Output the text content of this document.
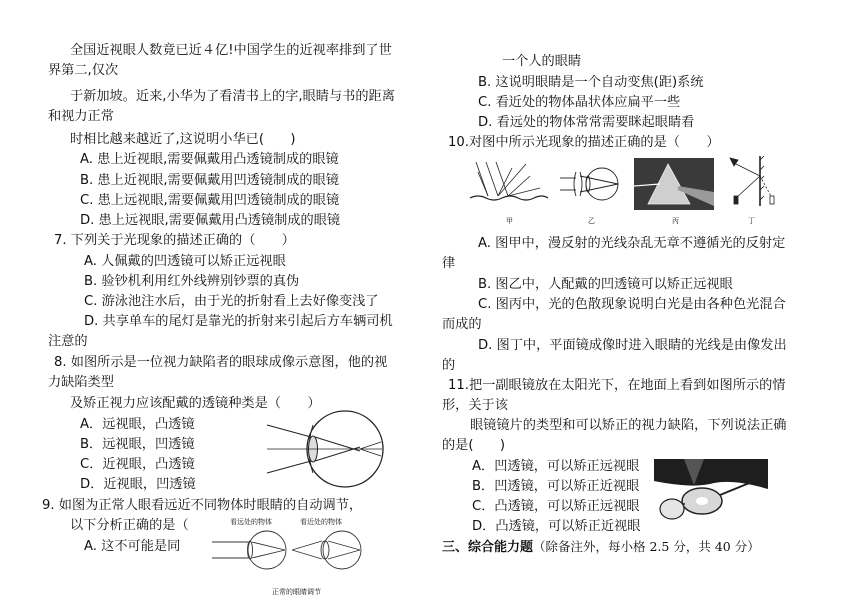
全国近视眼人数竟已近４亿!中国学生的近视率排到了世
界第二,仅次
于新加坡。近来,小华为了看清书上的字,眼睛与书的距离
和视力正常
时相比越来越近了,这说明小华已(　　)
A. 患上近视眼,需要佩戴用凸透镜制成的眼镜
B. 患上近视眼,需要佩戴用凹透镜制成的眼镜
C. 患上远视眼,需要佩戴用凹透镜制成的眼镜
D. 患上远视眼,需要佩戴用凸透镜制成的眼镜
7. 下列关于光现象的描述正确的（　　）
A. 人佩戴的凹透镜可以矫正远视眼
B. 验钞机利用红外线辨别钞票的真伪
C. 游泳池注水后，由于光的折射看上去好像变浅了
D. 共享单车的尾灯是靠光的折射来引起后方车辆司机
注意的
8. 如图所示是一位视力缺陷者的眼球成像示意图，他的视
力缺陷类型
及矫正视力应该配戴的透镜种类是（　　）
A．远视眼，凸透镜
B．远视眼，凹透镜
C．近视眼，凸透镜
D．近视眼，凹透镜
9. 如图为正常人眼看远近不同物体时眼睛的自动调节，
以下分析正确的是（
A. 这不可能是同
看远处的物体	看近处的物体
正常的眼睛调节
一个人的眼睛
B. 这说明眼睛是一个自动变焦(距)系统
C. 看近处的物体晶状体应扁平一些
D. 看远处的物体常常需要眯起眼睛看
10.对图中所示光现象的描述正确的是（　　）
甲	乙	丙	丁
A. 图甲中，漫反射的光线杂乱无章不遵循光的反射定
律
B. 图乙中，人配戴的凹透镜可以矫正远视眼
C. 图丙中，光的色散现象说明白光是由各种色光混合
而成的
D. 图丁中，平面镜成像时进入眼睛的光线是由像发出
的
11.把一副眼镜放在太阳光下，在地面上看到如图所示的情
形，关于该
眼镜镜片的类型和可以矫正的视力缺陷，下列说法正确
的是(　　)
A．凹透镜，可以矫正远视眼
B．凹透镜，可以矫正近视眼
C．凸透镜，可以矫正远视眼
D．凸透镜，可以矫正近视眼
三、综合能力题（除备注外，每小格 2.5 分，共 40 分）
